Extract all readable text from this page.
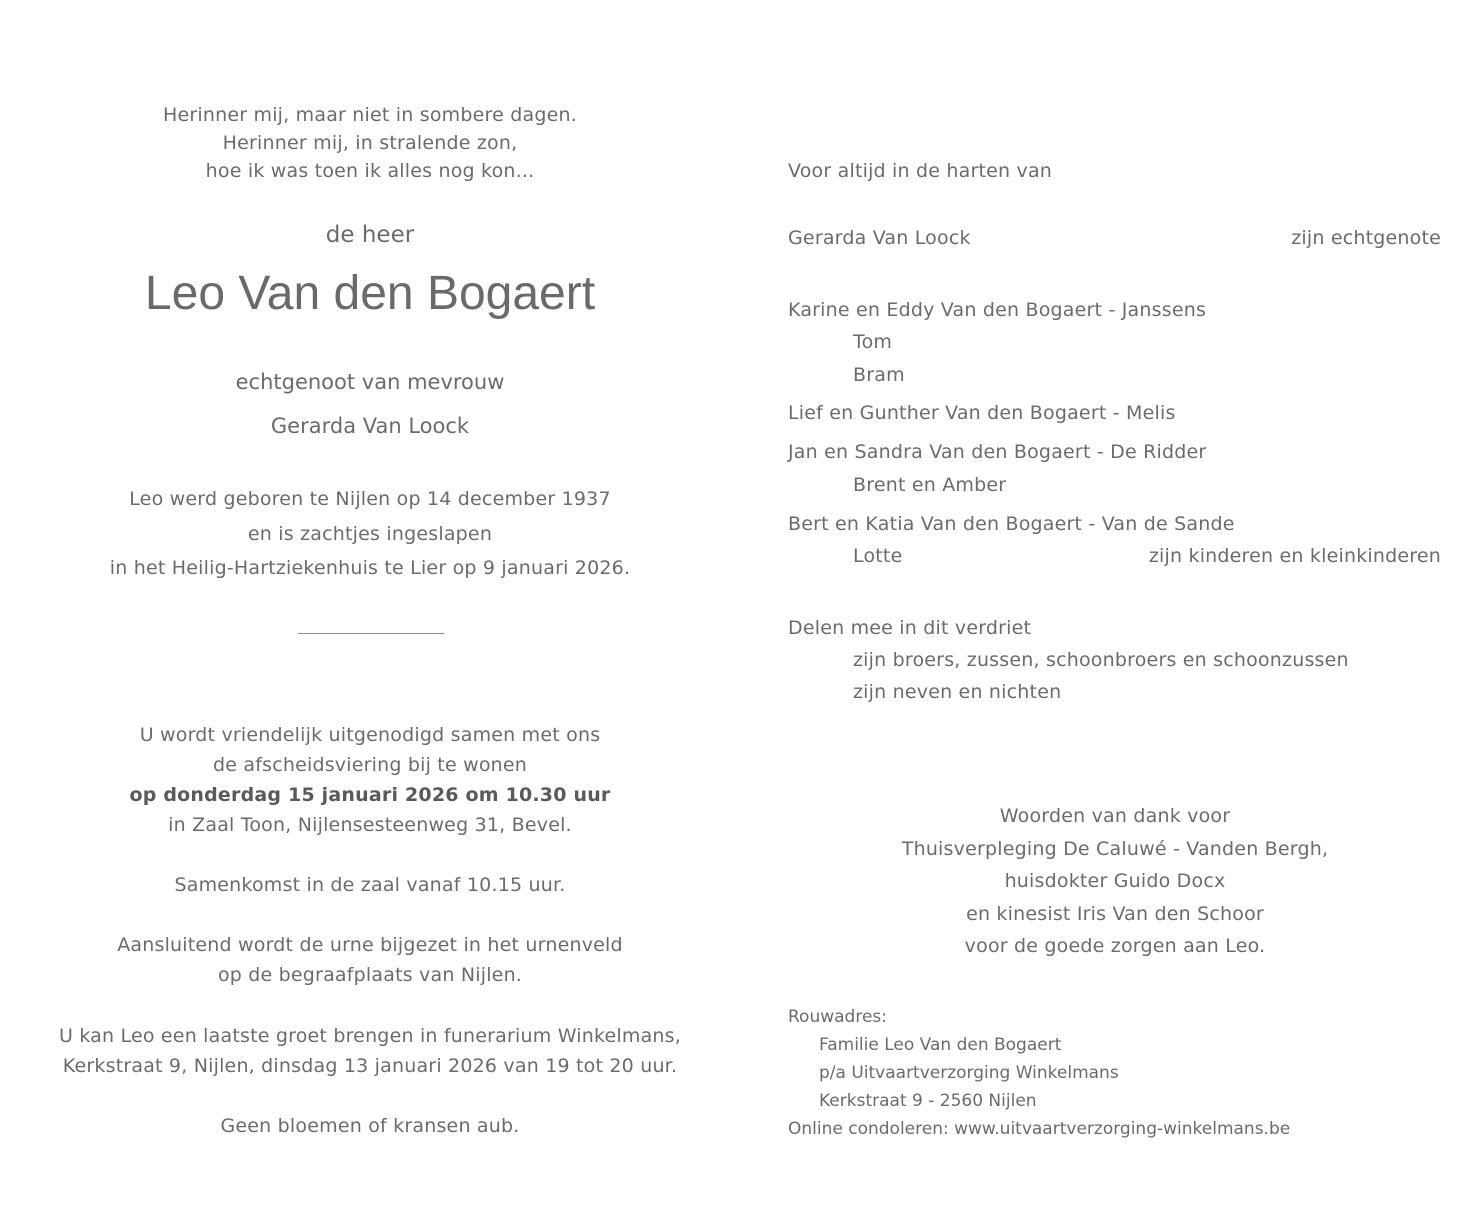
Herinner mij, maar niet in sombere dagen.
Herinner mij, in stralende zon,
hoe ik was toen ik alles nog kon...
de heer
Leo Van den Bogaert
echtgenoot van mevrouw
Gerarda Van Loock
Leo werd geboren te Nijlen op 14 december 1937
en is zachtjes ingeslapen
in het Heilig-Hartziekenhuis te Lier op 9 januari 2026.
U wordt vriendelijk uitgenodigd samen met ons
de afscheidsviering bij te wonen
op donderdag 15 januari 2026 om 10.30 uur
in Zaal Toon, Nijlensesteenweg 31, Bevel.
Samenkomst in de zaal vanaf 10.15 uur.
Aansluitend wordt de urne bijgezet in het urnenveld
op de begraafplaats van Nijlen.
U kan Leo een laatste groet brengen in funerarium Winkelmans,
Kerkstraat 9, Nijlen, dinsdag 13 januari 2026 van 19 tot 20 uur.
Geen bloemen of kransen aub.
Voor altijd in de harten van
Gerarda Van Loock	zijn echtgenote
Karine en Eddy Van den Bogaert - Janssens
Tom
Bram
Lief en Gunther Van den Bogaert - Melis
Jan en Sandra Van den Bogaert - De Ridder
Brent en Amber
Bert en Katia Van den Bogaert - Van de Sande
Lotte	zijn kinderen en kleinkinderen
Delen mee in dit verdriet
zijn broers, zussen, schoonbroers en schoonzussen
zijn neven en nichten
Woorden van dank voor
Thuisverpleging De Caluwé - Vanden Bergh,
huisdokter Guido Docx
en kinesist Iris Van den Schoor
voor de goede zorgen aan Leo.
Rouwadres:
Familie Leo Van den Bogaert
p/a Uitvaartverzorging Winkelmans
Kerkstraat 9 - 2560 Nijlen
Online condoleren: www.uitvaartverzorging-winkelmans.be
